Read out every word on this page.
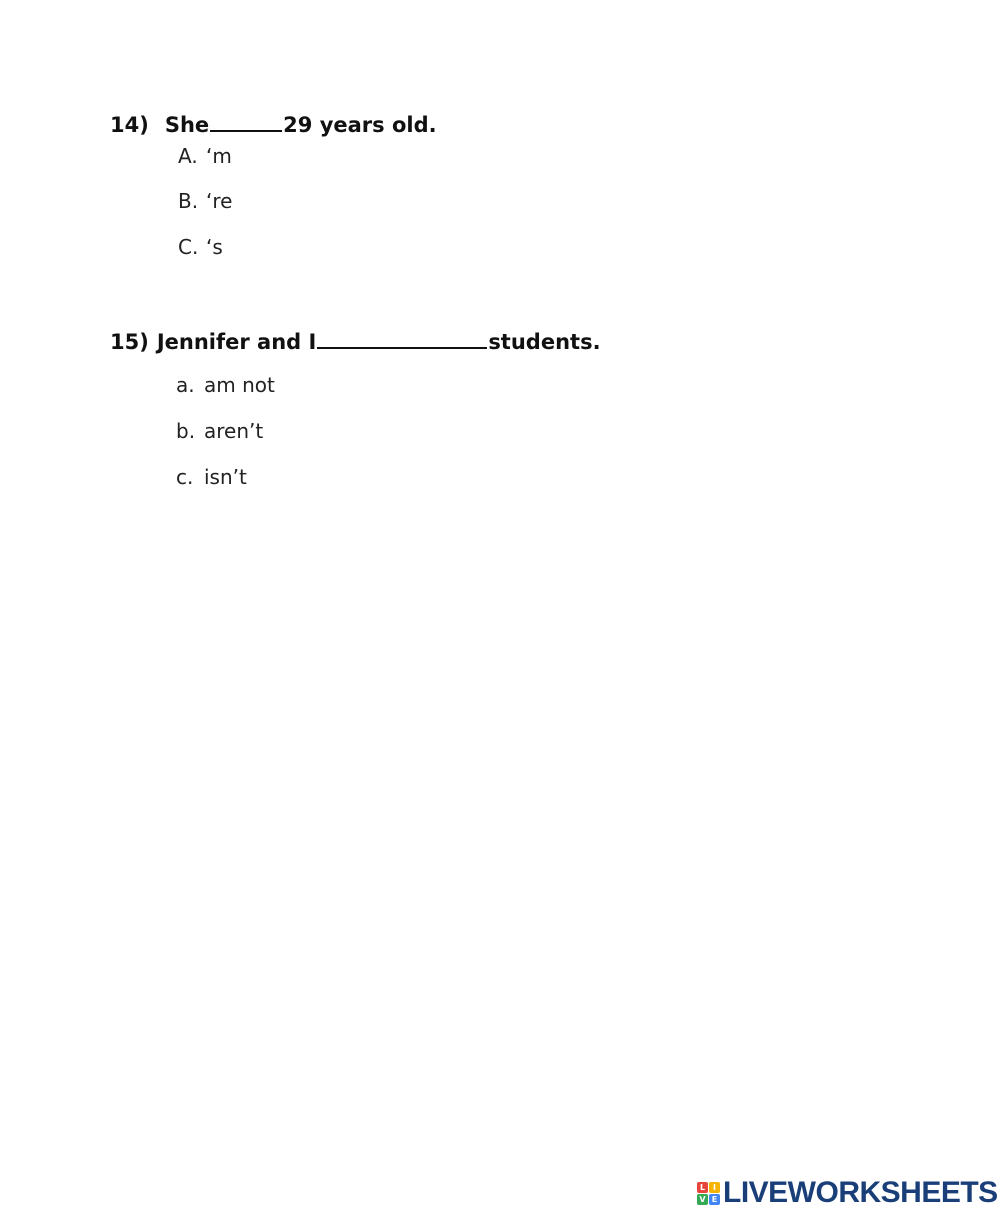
14) She	29 years old.
A. ‘m
B. ‘re
C. ‘s
15) Jennifer and I	students.
a. am not
b. aren’t
c. isn’t
L I
V E LIVEWORKSHEETS
